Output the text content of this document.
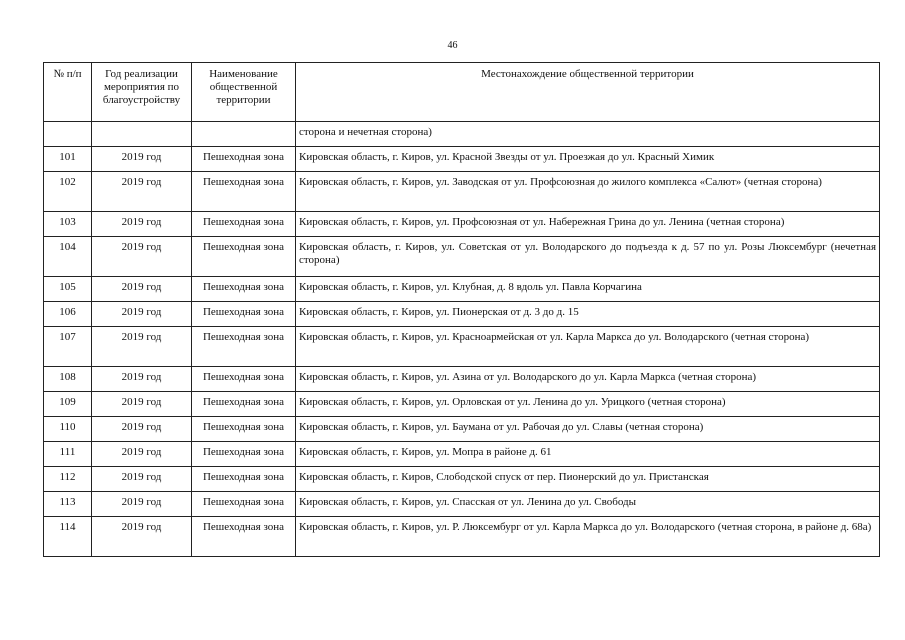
46
№ п/п	Год реализации мероприятия по благоустройству	Наименование общественной территории	Местонахождение общественной территории
			сторона и нечетная сторона)
101	2019 год	Пешеходная зона	Кировская область, г. Киров, ул. Красной Звезды от ул. Проезжая до ул. Красный Химик
102	2019 год	Пешеходная зона	Кировская область, г. Киров, ул. Заводская от ул. Профсоюзная до жилого комплекса «Салют» (четная сторона)
103	2019 год	Пешеходная зона	Кировская область, г. Киров, ул. Профсоюзная от ул. Набережная Грина до ул. Ленина (четная сторона)
104	2019 год	Пешеходная зона	Кировская область, г. Киров, ул. Советская от ул. Володарского до подъезда к д. 57 по ул. Розы Люксембург (нечетная сторона)
105	2019 год	Пешеходная зона	Кировская область, г. Киров, ул. Клубная, д. 8 вдоль ул. Павла Корчагина
106	2019 год	Пешеходная зона	Кировская область, г. Киров, ул. Пионерская от д. 3 до д. 15
107	2019 год	Пешеходная зона	Кировская область, г. Киров, ул. Красноармейская от ул. Карла Маркса до ул. Володарского (четная сторона)
108	2019 год	Пешеходная зона	Кировская область, г. Киров, ул. Азина от ул. Володарского до ул. Карла Маркса (четная сторона)
109	2019 год	Пешеходная зона	Кировская область, г. Киров, ул. Орловская от ул. Ленина до ул. Урицкого (четная сторона)
110	2019 год	Пешеходная зона	Кировская область, г. Киров, ул. Баумана от ул. Рабочая до ул. Славы (четная сторона)
111	2019 год	Пешеходная зона	Кировская область, г. Киров, ул. Мопра в районе д. 61
112	2019 год	Пешеходная зона	Кировская область, г. Киров, Слободской спуск от пер. Пионерский до ул. Пристанская
113	2019 год	Пешеходная зона	Кировская область, г. Киров, ул. Спасская от ул. Ленина до ул. Свободы
114	2019 год	Пешеходная зона	Кировская область, г. Киров, ул. Р. Люксембург от ул. Карла Маркса до ул. Володарского (четная сторона, в районе д. 68а)
